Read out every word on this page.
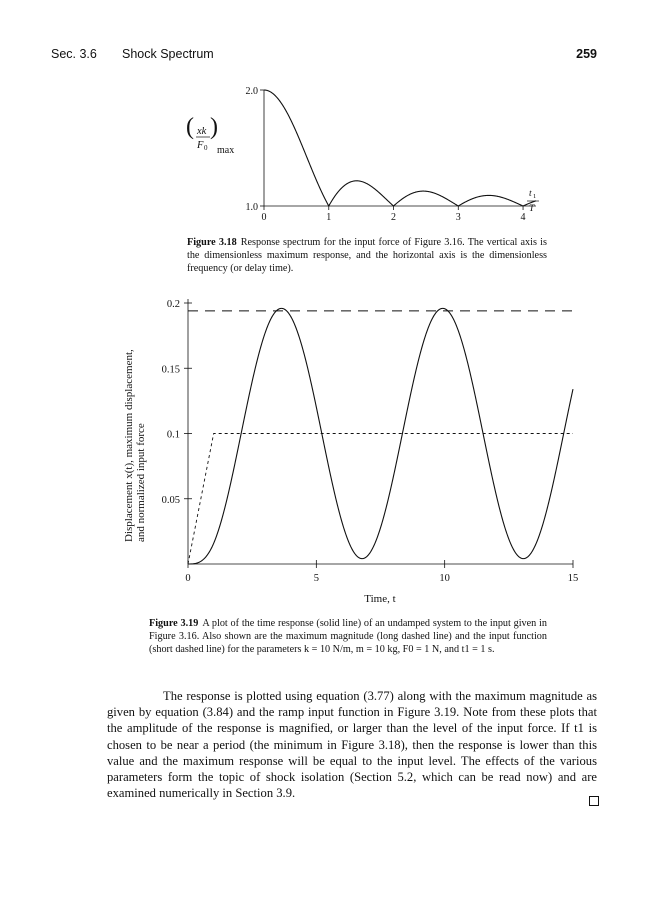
Sec. 3.6 Shock Spectrum	259
0	1	2	3	4
1.0
2.0
( )
xk
F 0 max
t 1
T
Figure 3.18 Response spectrum for the input force of Figure 3.16. The vertical axis is the dimensionless maximum response, and the horizontal axis is the dimensionless frequency (or delay time).
0	5	10	15
0.05
0.1
0.15
0.2
Displacement x(t), maximum displacement, and normalized input force
Time, t
Figure 3.19 A plot of the time response (solid line) of an undamped system to the input given in Figure 3.16. Also shown are the maximum magnitude (long dashed line) and the input function (short dashed line) for the parameters k = 10 N/m, m = 10 kg, F0 = 1 N, and t1 = 1 s.
The response is plotted using equation (3.77) along with the maximum magnitude as given by equation (3.84) and the ramp input function in Figure 3.19. Note from these plots that the amplitude of the response is magnified, or larger than the level of the input force. If t1 is chosen to be near a period (the minimum in Figure 3.18), then the response is lower than this value and the maximum response will be equal to the input level. The effects of the various parameters form the topic of shock isolation (Section 5.2, which can be read now) and are examined numerically in Section 3.9.
